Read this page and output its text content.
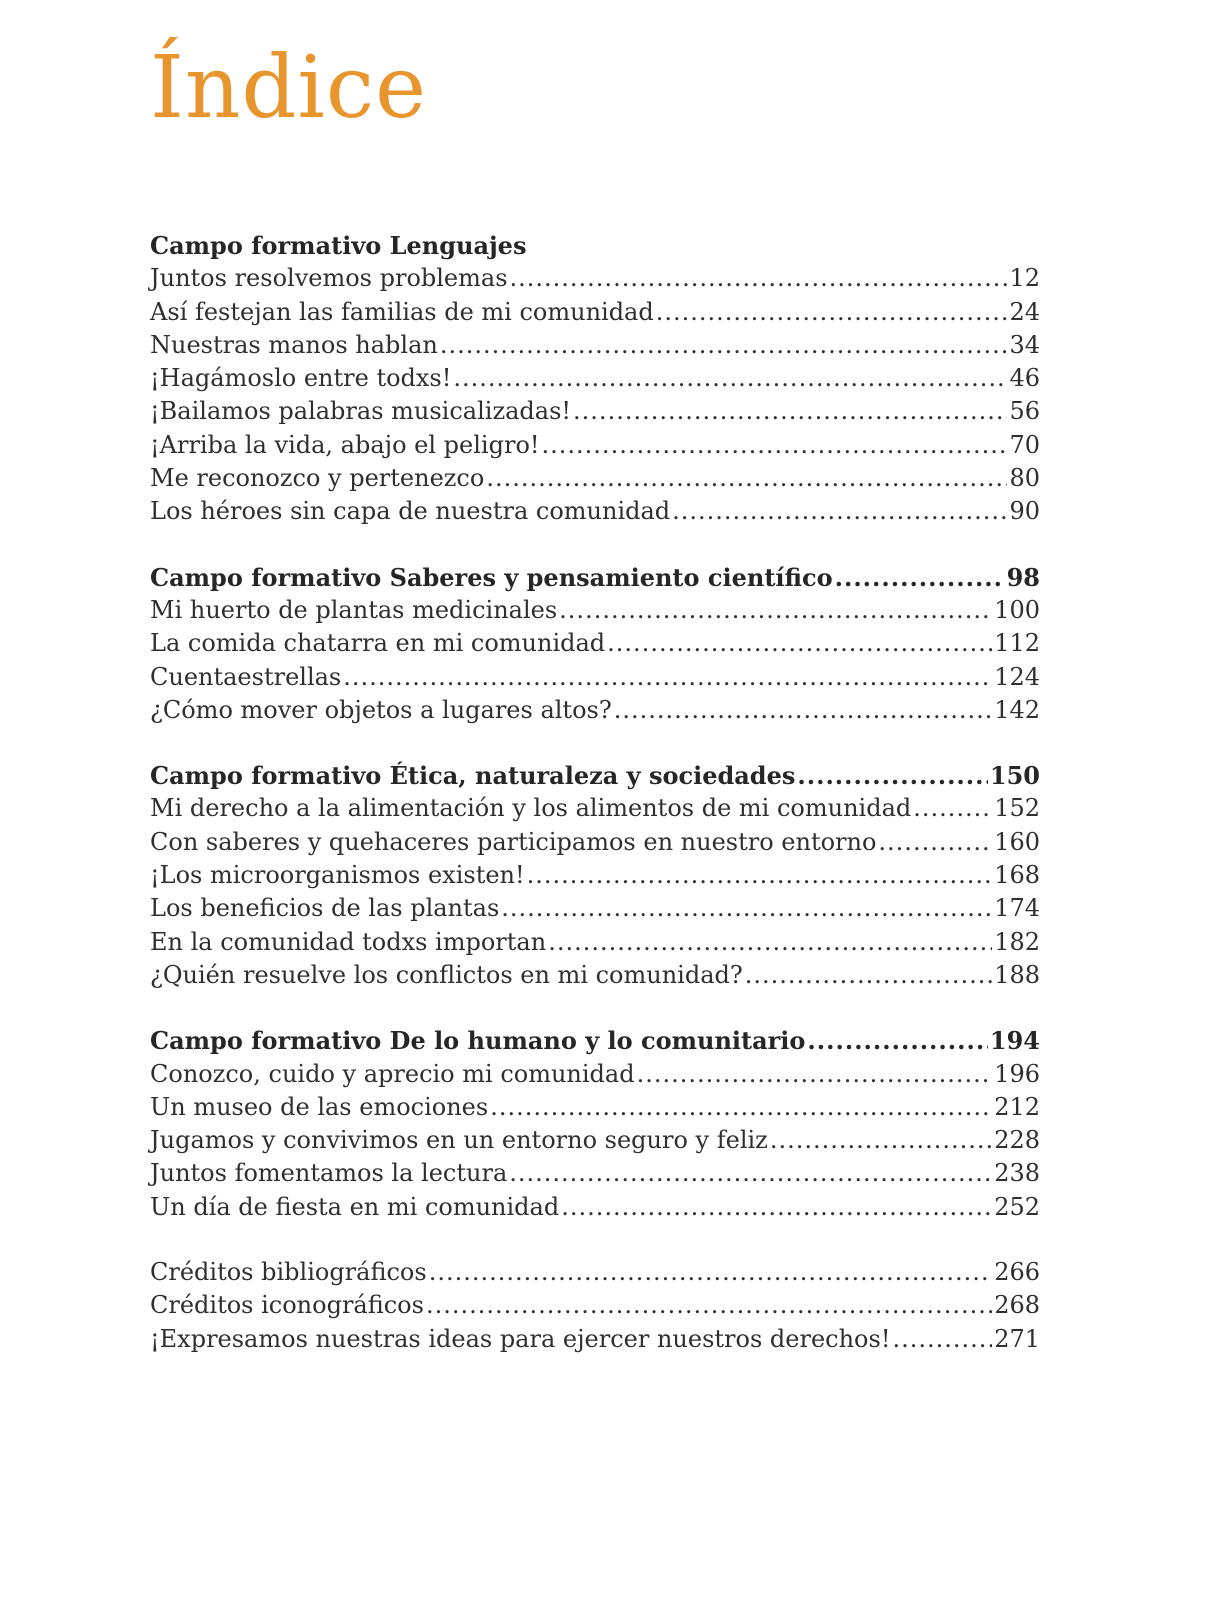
Índice
Campo formativo Lenguajes
Juntos resolvemos problemas .....	12
Así festejan las familias de mi comunidad .....	24
Nuestras manos hablan .....	34
¡Hagámoslo entre todxs! .....	46
¡Bailamos palabras musicalizadas! .....	56
¡Arriba la vida, abajo el peligro! .....	70
Me reconozco y pertenezco .....	80
Los héroes sin capa de nuestra comunidad .....	90
Campo formativo Saberes y pensamiento científico .....	98
Mi huerto de plantas medicinales .....	100
La comida chatarra en mi comunidad .....	112
Cuentaestrellas .....	124
¿Cómo mover objetos a lugares altos? .....	142
Campo formativo Ética, naturaleza y sociedades .....	150
Mi derecho a la alimentación y los alimentos de mi comunidad .....	152
Con saberes y quehaceres participamos en nuestro entorno .....	160
¡Los microorganismos existen! .....	168
Los beneficios de las plantas .....	174
En la comunidad todxs importan .....	182
¿Quién resuelve los conflictos en mi comunidad? .....	188
Campo formativo De lo humano y lo comunitario .....	194
Conozco, cuido y aprecio mi comunidad .....	196
Un museo de las emociones .....	212
Jugamos y convivimos en un entorno seguro y feliz .....	228
Juntos fomentamos la lectura .....	238
Un día de fiesta en mi comunidad .....	252
Créditos bibliográficos .....	266
Créditos iconográficos .....	268
¡Expresamos nuestras ideas para ejercer nuestros derechos! .....	271
